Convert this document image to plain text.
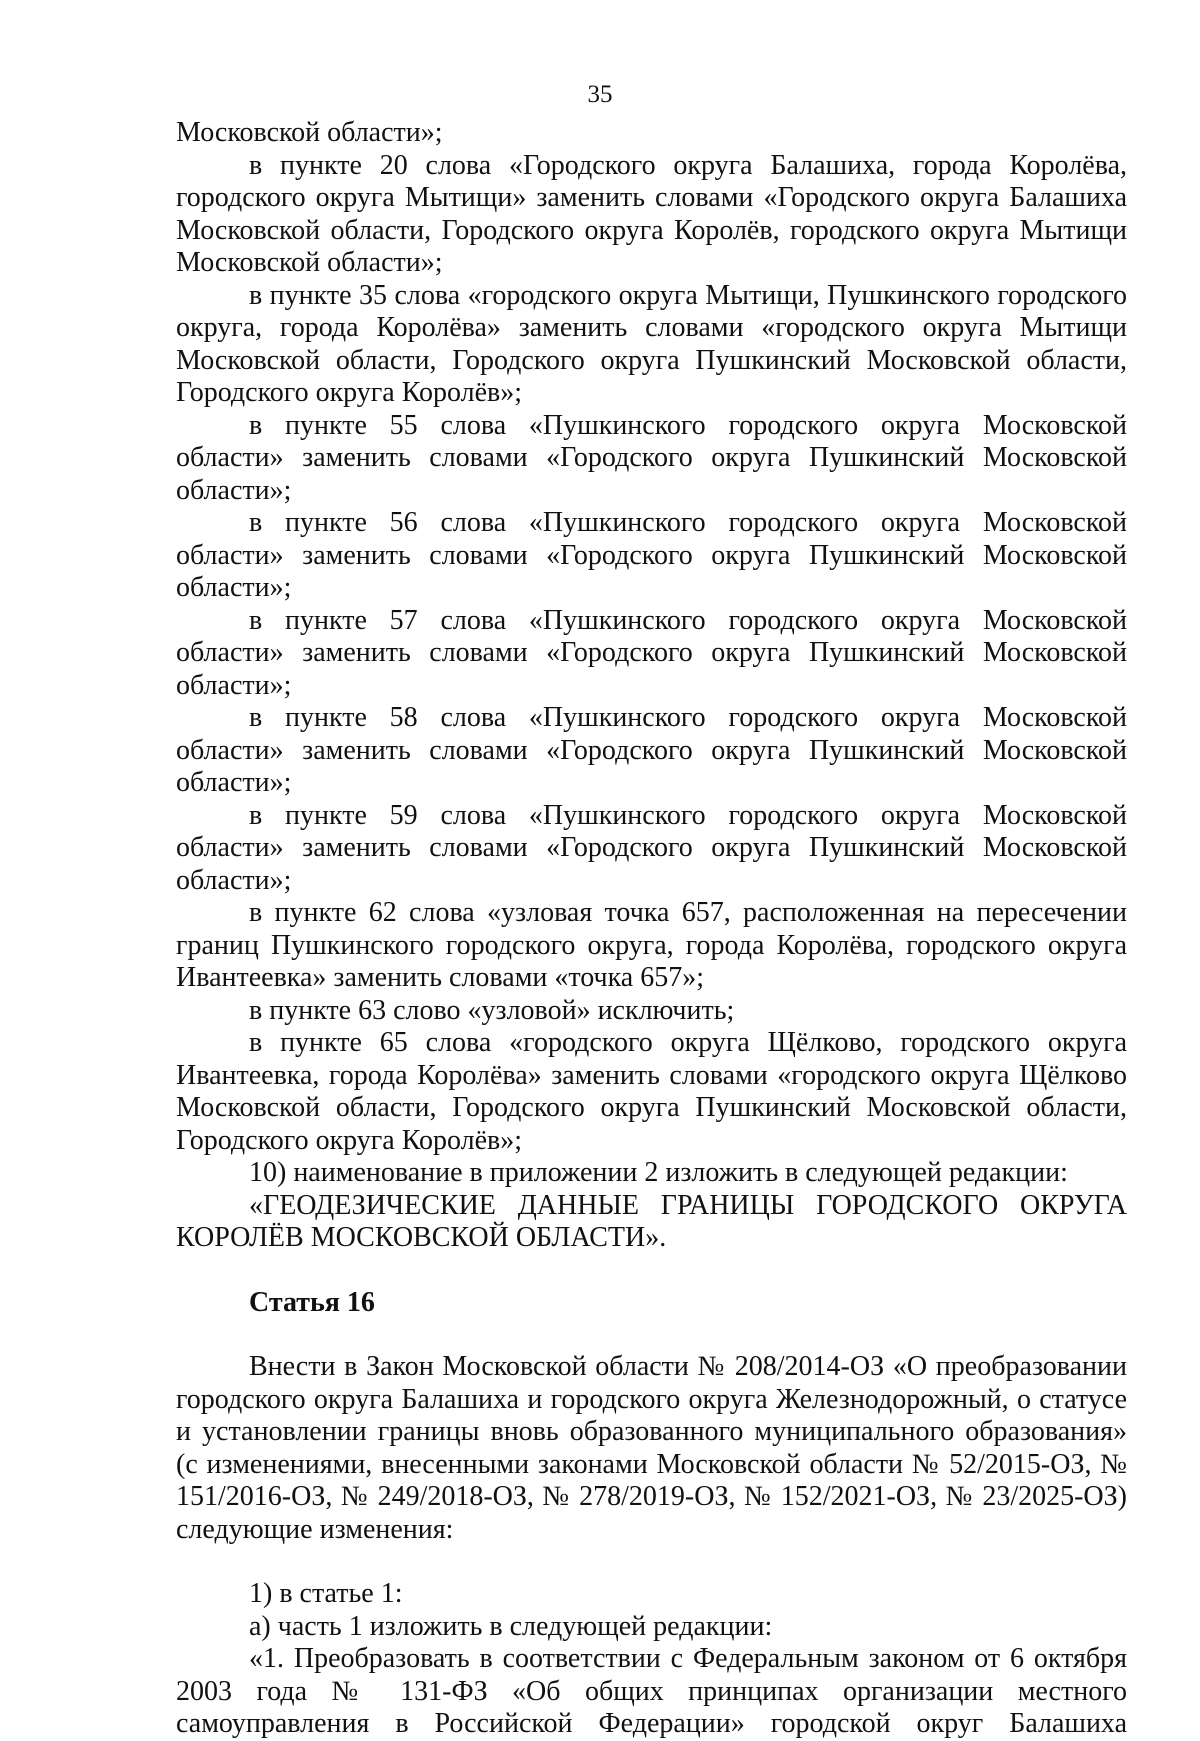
35

Московской области»;

в пункте 20 слова «Городского округа Балашиха, города Королёва, городского округа Мытищи» заменить словами «Городского округа Балашиха Московской области, Городского округа Королёв, городского округа Мытищи Московской области»;

в пункте 35 слова «городского округа Мытищи, Пушкинского городского округа, города Королёва» заменить словами «городского округа Мытищи Московской области, Городского округа Пушкинский Московской области, Городского округа Королёв»;

в пункте 55 слова «Пушкинского городского округа Московской области» заменить словами «Городского округа Пушкинский Московской области»;

в пункте 56 слова «Пушкинского городского округа Московской области» заменить словами «Городского округа Пушкинский Московской области»;

в пункте 57 слова «Пушкинского городского округа Московской области» заменить словами «Городского округа Пушкинский Московской области»;

в пункте 58 слова «Пушкинского городского округа Московской области» заменить словами «Городского округа Пушкинский Московской области»;

в пункте 59 слова «Пушкинского городского округа Московской области» заменить словами «Городского округа Пушкинский Московской области»;

в пункте 62 слова «узловая точка 657, расположенная на пересечении границ Пушкинского городского округа, города Королёва, городского округа Ивантеевка» заменить словами «точка 657»;

в пункте 63 слово «узловой» исключить;

в пункте 65 слова «городского округа Щёлково, городского округа Ивантеевка, города Королёва» заменить словами «городского округа Щёлково Московской области, Городского округа Пушкинский Московской области, Городского округа Королёв»;

10) наименование в приложении 2 изложить в следующей редакции:

«ГЕОДЕЗИЧЕСКИЕ ДАННЫЕ ГРАНИЦЫ ГОРОДСКОГО ОКРУГА КОРОЛЁВ МОСКОВСКОЙ ОБЛАСТИ».

Статья 16

Внести в Закон Московской области № 208/2014-ОЗ «О преобразовании городского округа Балашиха и городского округа Железнодорожный, о статусе и установлении границы вновь образованного муниципального образования» (с изменениями, внесенными законами Московской области № 52/2015-ОЗ, № 151/2016-ОЗ, № 249/2018-ОЗ, № 278/2019-ОЗ, № 152/2021-ОЗ, № 23/2025-ОЗ) следующие изменения:

1) в статье 1:

а) часть 1 изложить в следующей редакции:

«1. Преобразовать в соответствии с Федеральным законом от 6 октября 2003 года № 131-ФЗ «Об общих принципах организации местного самоуправления в Российской Федерации» городской округ Балашиха
